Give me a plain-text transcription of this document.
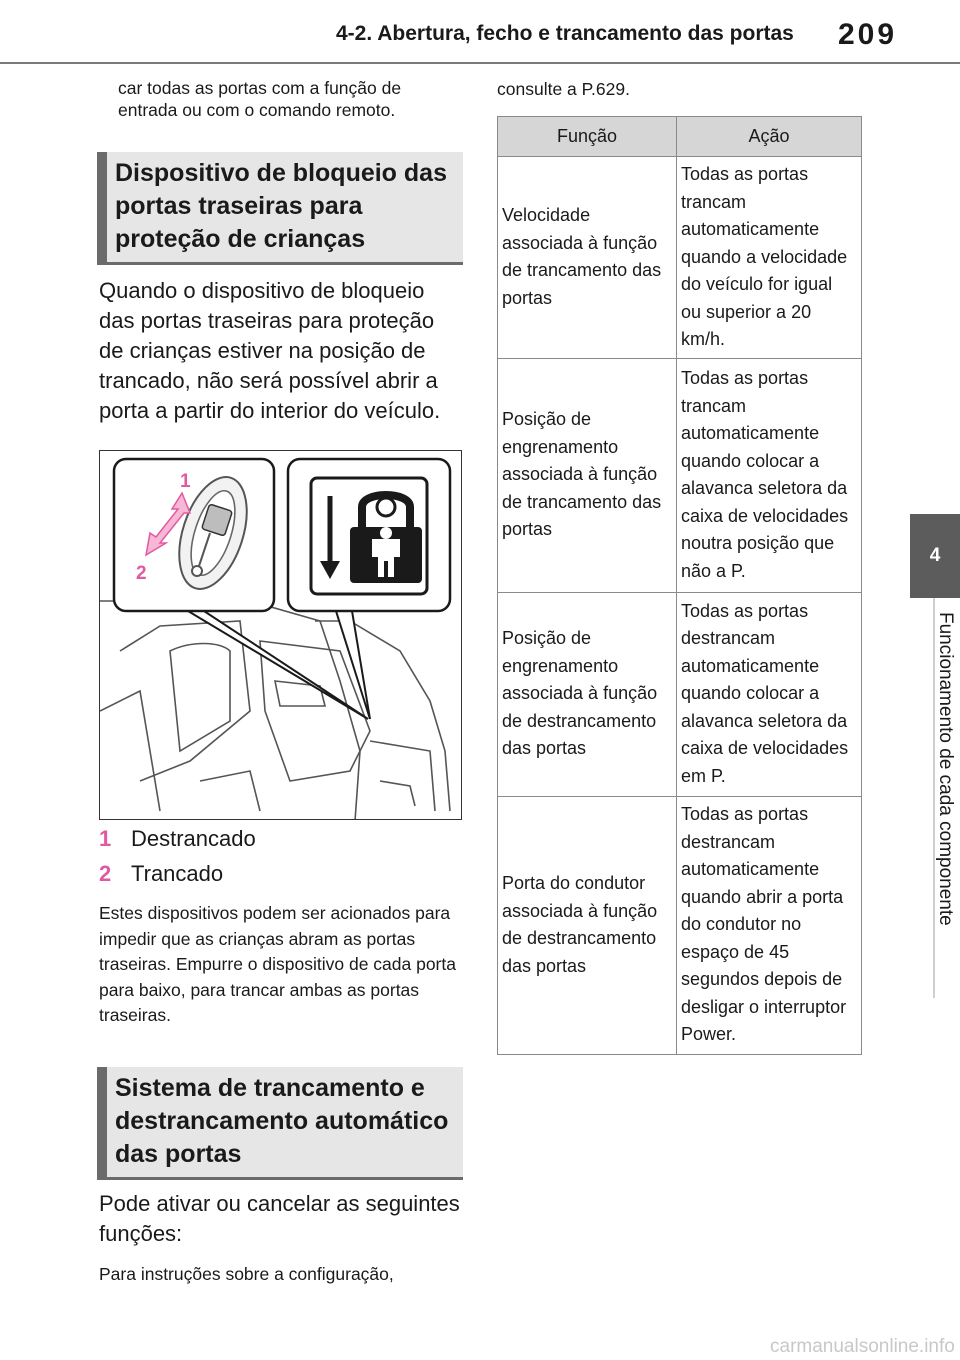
4-2. Abertura, fecho e trancamento das portas 209
4
Funcionamento de cada componente
car todas as portas com a função de entrada ou com o comando remoto.
Dispositivo de bloqueio das portas traseiras para proteção de crianças
Quando o dispositivo de bloqueio das portas traseiras para proteção de crianças estiver na posição de trancado, não será possível abrir a porta a partir do interior do veículo.
1
2
1 Destrancado
2 Trancado
Estes dispositivos podem ser acionados para impedir que as crianças abram as portas traseiras. Empurre o dispositivo de cada porta para baixo, para trancar ambas as portas traseiras.
Sistema de trancamento e destrancamento automático das portas
Pode ativar ou cancelar as seguintes funções:
Para instruções sobre a configuração,
consulte a P.629.
Função	Ação
Velocidade associada à função de trancamento das portas	Todas as portas trancam automaticamente quando a velocidade do veículo for igual ou superior a 20 km/h.
Posição de engrenamento associada à função de trancamento das portas	Todas as portas trancam automaticamente quando colocar a alavanca seletora da caixa de velocidades noutra posição que não a P.
Posição de engrenamento associada à função de destrancamento das portas	Todas as portas destrancam automaticamente quando colocar a alavanca seletora da caixa de velocidades em P.
Porta do condutor associada à função de destrancamento das portas	Todas as portas destrancam automaticamente quando abrir a porta do condutor no espaço de 45 segundos depois de desligar o interruptor Power.
carmanualsonline.info
